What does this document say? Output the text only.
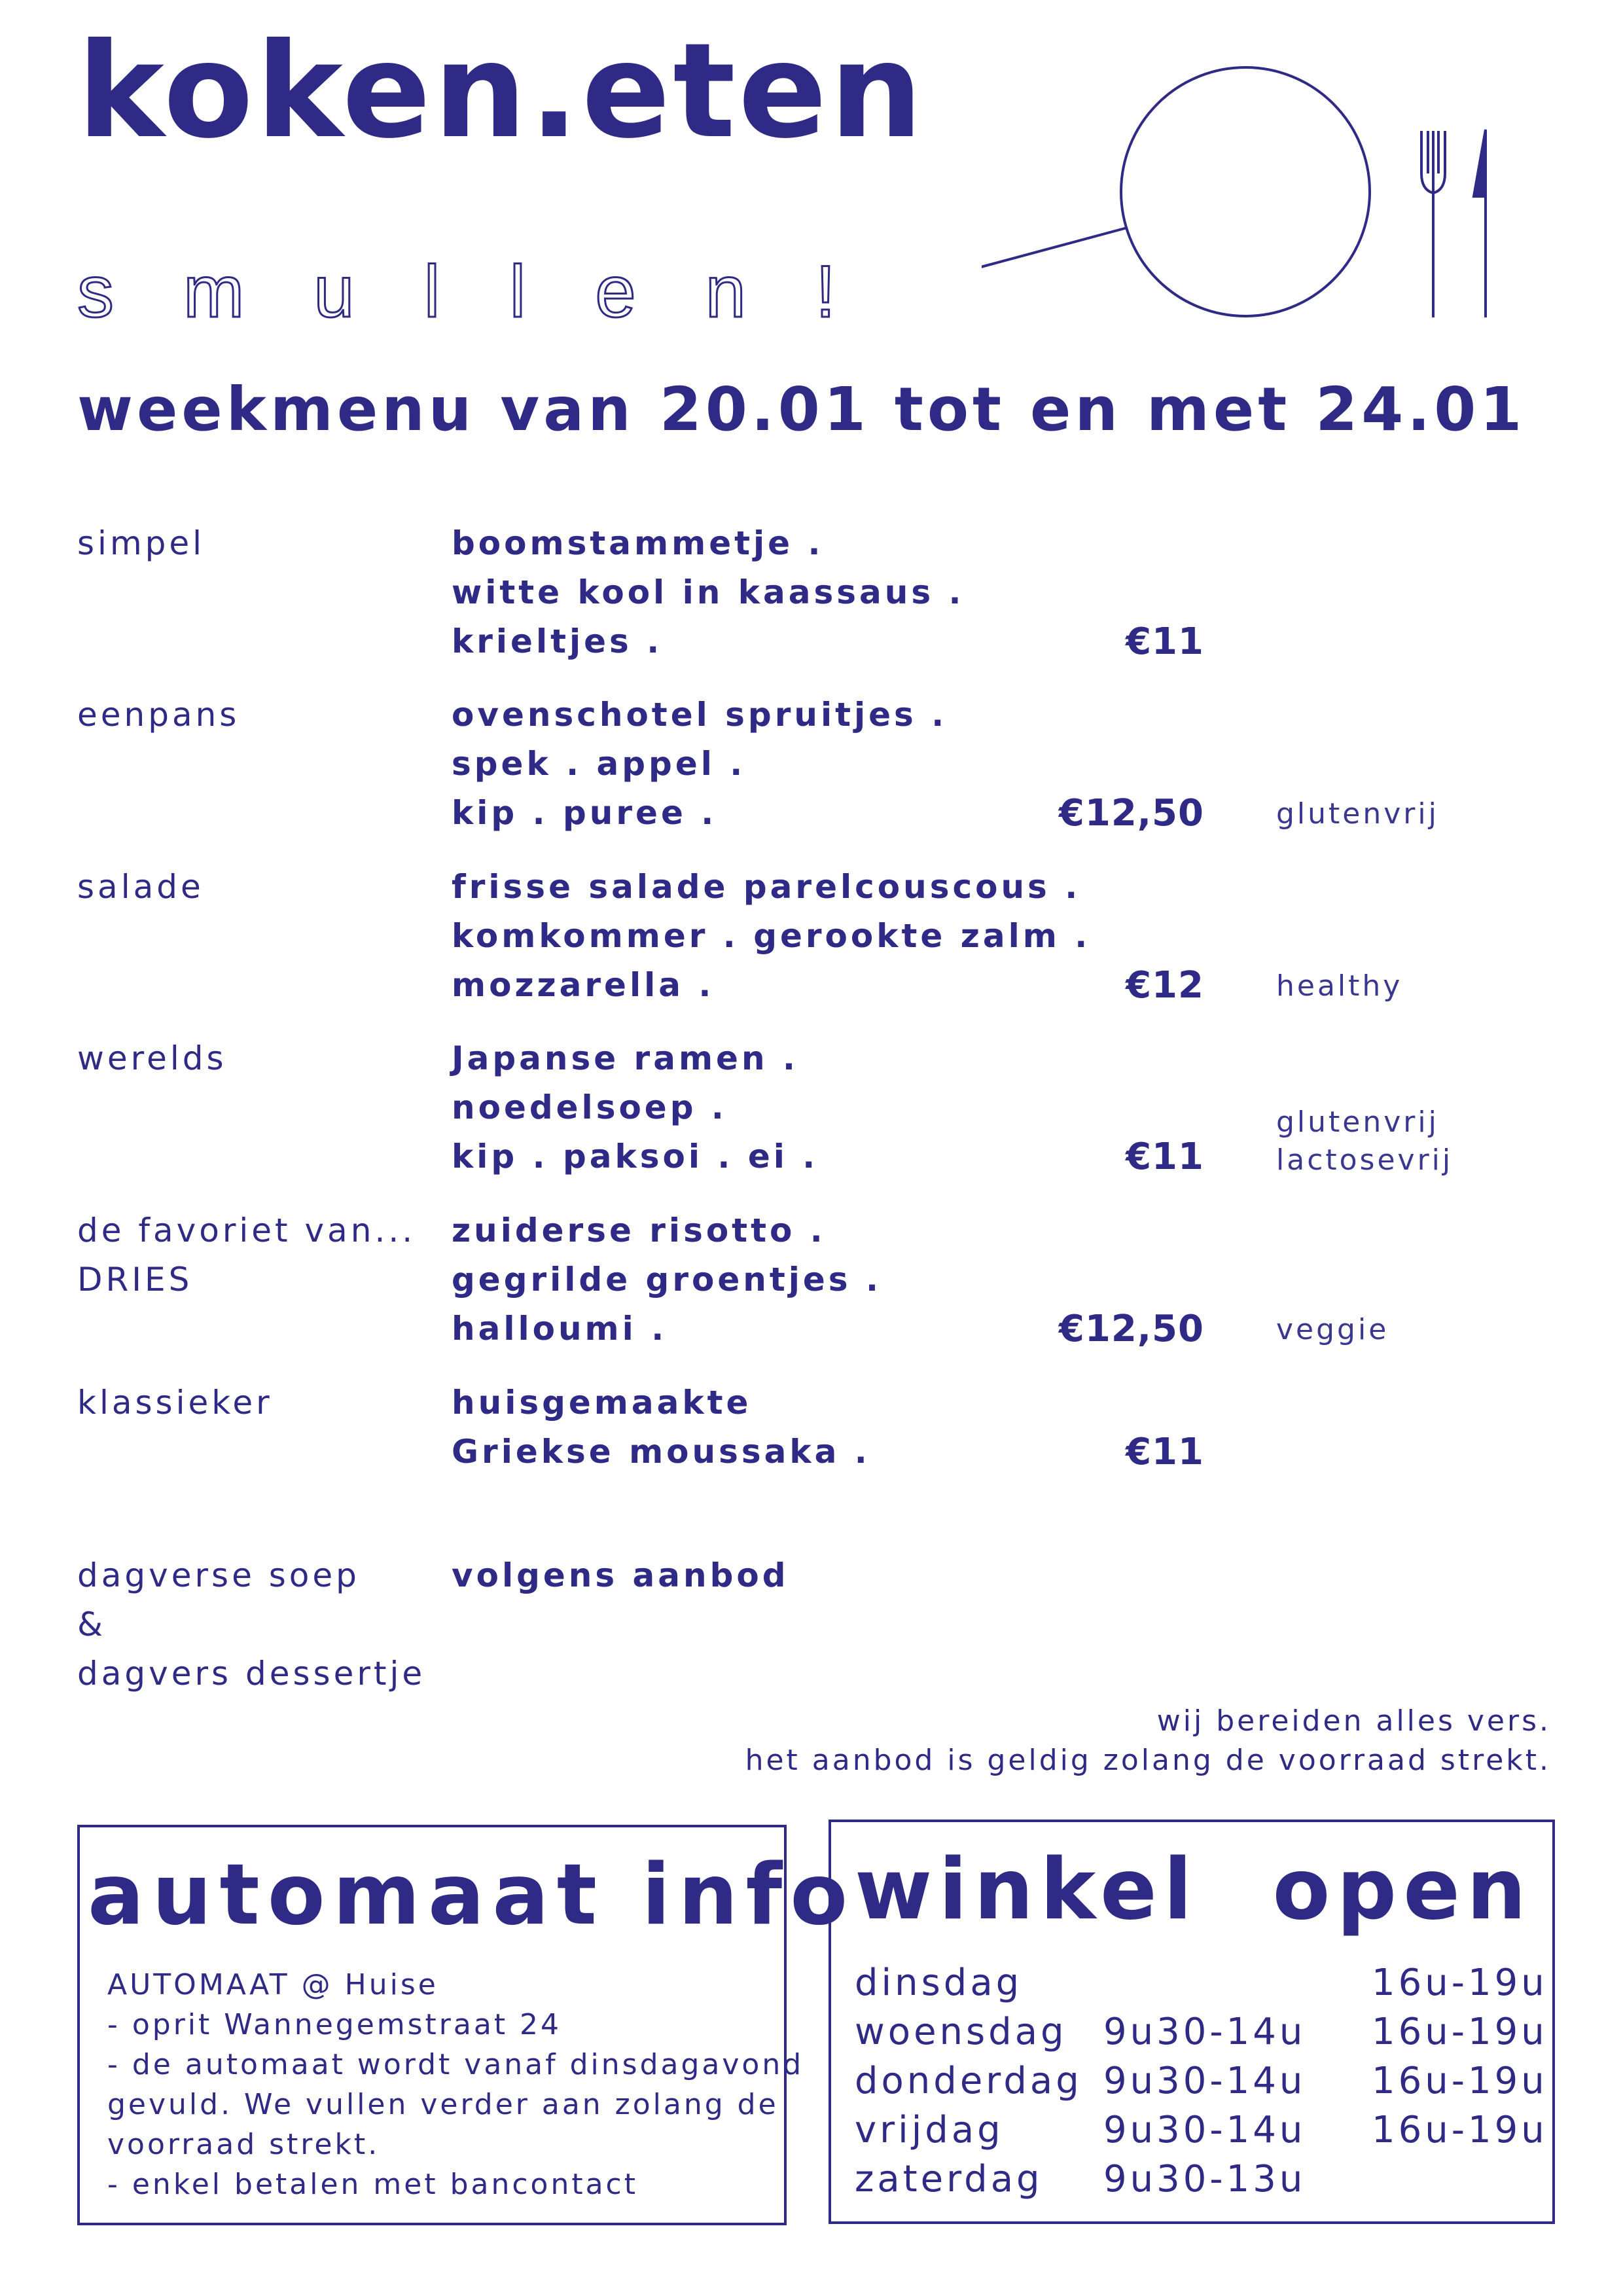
koken.eten
smullen!
weekmenu van 20.01 tot en met 24.01
simpel	boomstammetje .
witte kool in kaassaus .
krieltjes .	€11
eenpans	ovenschotel spruitjes .
spek . appel .
kip . puree .	€12,50	glutenvrij
salade	frisse salade parelcouscous .
komkommer . gerookte zalm .
mozzarella .	€12	healthy
werelds	Japanse ramen .
noedelsoep .
kip . paksoi . ei .	€11
glutenvrij
lactosevrij
de favoriet van...
DRIES
zuiderse risotto .
gegrilde groentjes .
halloumi .	€12,50	veggie
klassieker	huisgemaakte
Griekse moussaka .	€11
dagverse soep
&
dagvers dessertje
volgens aanbod
wij bereiden alles vers.
het aanbod is geldig zolang de voorraad strekt.
automaat info
AUTOMAAT @ Huise
- oprit Wannegemstraat 24
- de automaat wordt vanaf dinsdagavond
gevuld. We vullen verder aan zolang de
voorraad strekt.
- enkel betalen met bancontact
winkel open
dinsdag		16u-19u
woensdag	9u30-14u	16u-19u
donderdag	9u30-14u	16u-19u
vrijdag	9u30-14u	16u-19u
zaterdag	9u30-13u	
